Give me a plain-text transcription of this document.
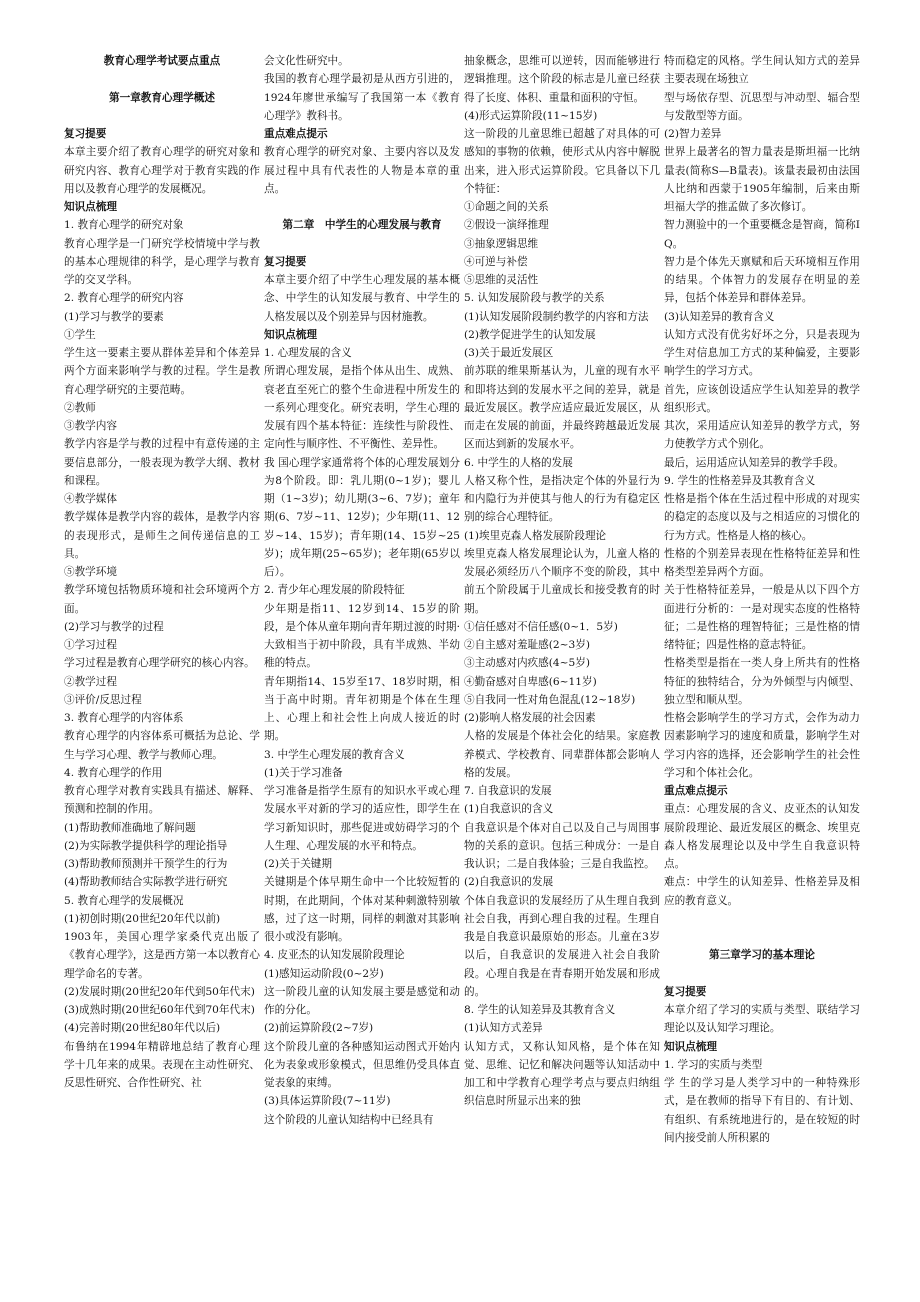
教育心理学考试要点重点

第一章教育心理学概述

复习提要

本章主要介绍了教育心理学的研究对象和研究内容、教育心理学对于教育实践的作用以及教育心理学的发展概况。

知识点梳理

1. 教育心理学的研究对象

教育心理学是一门研究学校情境中学与教的基本心理规律的科学，是心理学与教育学的交叉学科。

2. 教育心理学的研究内容

(1)学习与教学的要素

①学生

学生这一要素主要从群体差异和个体差异两个方面来影响学与教的过程。学生是教育心理学研究的主要范畴。

②教师

③教学内容

教学内容是学与教的过程中有意传递的主要信息部分，一般表现为教学大纲、教材和课程。

④教学媒体

教学媒体是教学内容的载体，是教学内容的表现形式，是师生之间传递信息的工具。

⑤教学环境

教学环境包括物质环境和社会环境两个方面。

(2)学习与教学的过程

①学习过程

学习过程是教育心理学研究的核心内容。

②教学过程

③评价/反思过程

3. 教育心理学的内容体系

教育心理学的内容体系可概括为总论、学生与学习心理、教学与教师心理。

4. 教育心理学的作用

教育心理学对教育实践具有描述、解释、预测和控制的作用。

(1)帮助教师准确地了解问题

(2)为实际教学提供科学的理论指导

(3)帮助教师预测并干预学生的行为

(4)帮助教师结合实际教学进行研究

5. 教育心理学的发展概况

(1)初创时期(20世纪20年代以前)

1903年，美国心理学家桑代克出版了《教育心理学》，这是西方第一本以教育心理学命名的专著。

(2)发展时期(20世纪20年代到50年代末)

(3)成熟时期(20世纪60年代到70年代末)

(4)完善时期(20世纪80年代以后)

布鲁纳在1994年精辟地总结了教育心理学十几年来的成果。表现在主动性研究、反思性研究、合作性研究、社

会文化性研究中。

我国的教育心理学最初是从西方引进的，1924年廖世承编写了我国第一本《教育心理学》教科书。

重点难点提示

教育心理学的研究对象、主要内容以及发展过程中具有代表性的人物是本章的重点。

第二章　中学生的心理发展与教育

复习提要

本章主要介绍了中学生心理发展的基本概念、中学生的认知发展与教育、中学生的人格发展以及个别差异与因材施教。

知识点梳理

1. 心理发展的含义

所谓心理发展，是指个体从出生、成熟、衰老直至死亡的整个生命进程中所发生的一系列心理变化。研究表明，学生心理的发展有四个基本特征：连续性与阶段性、定向性与顺序性、不平衡性、差异性。

我 国心理学家通常将个体的心理发展划分为8个阶段。即：乳儿期(0~1岁)；婴儿期（1~3岁)；幼儿期(3~6、7岁)；童年期(6、7岁~11、12岁)；少年期(11、12岁~14、15岁)；青年期(14、15岁~25岁)；成年期(25~65岁)；老年期(65岁以后）。

2. 青少年心理发展的阶段特征

少年期是指11、12岁到14、15岁的阶段，是个体从童年期向青年期过渡的时期·大致相当于初中阶段，具有半成熟、半幼稚的特点。

青年期指14、15岁至17、18岁时期，相当于高中时期。青年初期是个体在生理上、心理上和社会性上向成人接近的时期。

3. 中学生心理发展的教育含义

(1)关于学习准备

学习准备是指学生原有的知识水平或心理发展水平对新的学习的适应性，即学生在学习新知识时，那些促进或妨碍学习的个人生理、心理发展的水平和特点。

(2)关于关键期

关键期是个体早期生命中一个比较短暂的时期，在此期间，个体对某种刺激特别敏感，过了这一时期，同样的刺激对其影响很小或没有影响。

4. 皮亚杰的认知发展阶段理论

(1)感知运动阶段(0~2岁)

这一阶段儿童的认知发展主要是感觉和动作的分化。

(2)前运算阶段(2~7岁)

这个阶段儿童的各种感知运动图式开始内化为表象或形象模式，但思维仍受具体直觉表象的束缚。

(3)具体运算阶段(7~11岁)

这个阶段的儿童认知结构中已经具有

抽象概念，思维可以逆转，因而能够进行逻辑推理。这个阶段的标志是儿童已经获得了长度、体积、重量和面积的守恒。

(4)形式运算阶段(11~15岁)

这一阶段的儿童思维已超越了对具体的可感知的事物的依赖，使形式从内容中解脱出来，进入形式运算阶段。它具备以下几个特征：

①命题之间的关系

②假设一演绎推理

③抽象逻辑思维

④可逆与补偿

⑤思维的灵活性

5. 认知发展阶段与教学的关系

(1)认知发展阶段制约教学的内容和方法

(2)教学促进学生的认知发展

(3)关于最近发展区

前苏联的维果斯基认为，儿童的现有水平和即将达到的发展水平之间的差异，就是最近发展区。教学应适应最近发展区，从而走在发展的前面，并最终跨越最近发展区而达到新的发展水平。

6. 中学生的人格的发展

人格又称个性，是指决定个体的外显行为和内隐行为并使其与他人的行为有稳定区别的综合心理特征。

(1)埃里克森人格发展阶段理论

埃里克森人格发展理论认为，儿童人格的发展必须经历八个顺序不变的阶段，其中前五个阶段属于儿童成长和接受教育的时期。

①信任感对不信任感(0~1．5岁)

②自主感对羞耻感(2~3岁)

③主动感对内疚感(4~5岁)

④勤奋感对自卑感(6~11岁)

⑤自我同一性对角色混乱(12~18岁)

(2)影响人格发展的社会因素

人格的发展是个体社会化的结果。家庭教养模式、学校教育、同辈群体都会影响人格的发展。

7. 自我意识的发展

(1)自我意识的含义

自我意识是个体对自己以及自己与周围事物的关系的意识。包括三种成分：一是自我认识；二是自我体验；三是自我监控。

(2)自我意识的发展

个体自我意识的发展经历了从生理自我到社会自我，再到心理自我的过程。生理自我是自我意识最原始的形态。儿童在3岁以后，自我意识的发展进入社会自我阶段。心理自我是在青春期开始发展和形成的。

8. 学生的认知差异及其教育含义

(1)认知方式差异

认知方式，又称认知风格，是个体在知觉、思维、记忆和解决问题等认知活动中加工和中学教育心理学考点与要点归纳组织信息时所显示出来的独

特而稳定的风格。学生间认知方式的差异主要表现在场独立

型与场依存型、沉思型与冲动型、辐合型与发散型等方面。

(2)智力差异

世界上最著名的智力量表是斯坦福一比纳量表(简称S—B量表)。该量表最初由法国人比纳和西蒙于1905年编制，后来由斯坦福大学的推孟做了多次修订。

智力测验中的一个重要概念是智商，简称IQ。

智力是个体先天禀赋和后天环境相互作用的结果。个体智力的发展存在明显的差异，包括个体差异和群体差异。

(3)认知差异的教育含义

认知方式没有优劣好坏之分，只是表现为学生对信息加工方式的某种偏爱，主要影响学生的学习方式。

首先，应该创设适应学生认知差异的教学组织形式。

其次，采用适应认知差异的教学方式，努力使教学方式个别化。

最后，运用适应认知差异的教学手段。

9. 学生的性格差异及其教育含义

性格是指个体在生活过程中形成的对现实的稳定的态度以及与之相适应的习惯化的行为方式。性格是人格的核心。

性格的个别差异表现在性格特征差异和性格类型差异两个方面。

关于性格特征差异，一般是从以下四个方面进行分析的：一是对现实态度的性格特征；二是性格的理智特征；三是性格的情绪特征；四是性格的意志特征。

性格类型是指在一类人身上所共有的性格特征的独特结合，分为外倾型与内倾型、独立型和顺从型。

性格会影响学生的学习方式，会作为动力因素影响学习的速度和质量，影响学生对学习内容的选择，还会影响学生的社会性学习和个体社会化。

重点难点提示

重点：心理发展的含义、皮亚杰的认知发展阶段理论、最近发展区的概念、埃里克森人格发展理论以及中学生自我意识特点。

难点：中学生的认知差异、性格差异及相应的教育意义。

第三章学习的基本理论

复习提要

本章介绍了学习的实质与类型、联结学习理论以及认知学习理论。

知识点梳理

1. 学习的实质与类型

学 生的学习是人类学习中的一种特殊形式，是在教师的指导下有目的、有计划、有组织、有系统地进行的，是在较短的时间内接受前人所积累的
